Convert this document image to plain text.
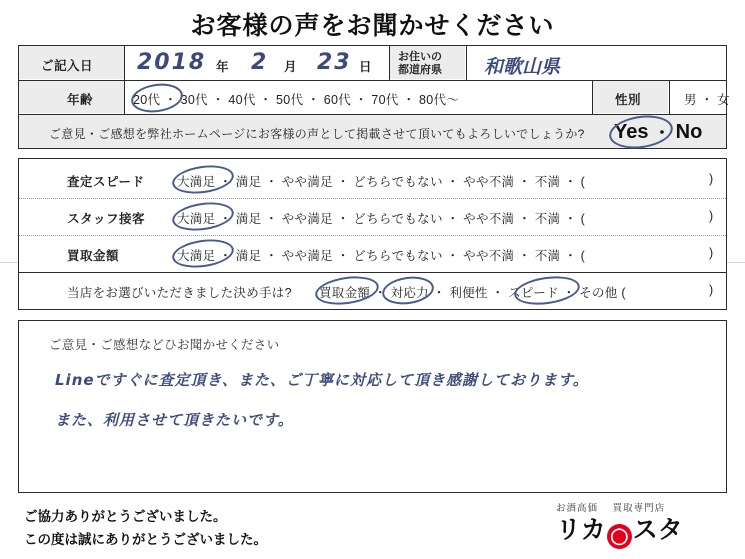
お客様の声をお聞かせください
ご記入日 2018 年 2 月 23 日
お住いの
都道府県 和歌山県
年齢	20代 ・ 30代 ・ 40代 ・ 50代 ・ 60代 ・ 70代 ・ 80代〜	性別	男 ・ 女
ご意見・ご感想を弊社ホームページにお客様の声として掲載させて頂いてもよろしいでしょうか? Yes ・ No
査定スピード	大満足 ・ 満足 ・ やや満足 ・ どちらでもない ・ やや不満 ・ 不満 ・ (	)
スタッフ接客	大満足 ・ 満足 ・ やや満足 ・ どちらでもない ・ やや不満 ・ 不満 ・ (	)
買取金額	大満足 ・ 満足 ・ やや満足 ・ どちらでもない ・ やや不満 ・ 不満 ・ (	)
当店をお選びいただきました決め手は? 買取金額 ・ 対応力 ・ 利便性 ・ スピード ・ その他 (	)
ご意見・ご感想などひお聞かせください
Lineですぐに査定頂き、また、ご丁寧に対応して頂き感謝しております。
また、利用させて頂きたいです。
ご協力ありがとうございました。
この度は誠にありがとうございました。
お酒高価 買取専門店
リカ ◯ スタ
